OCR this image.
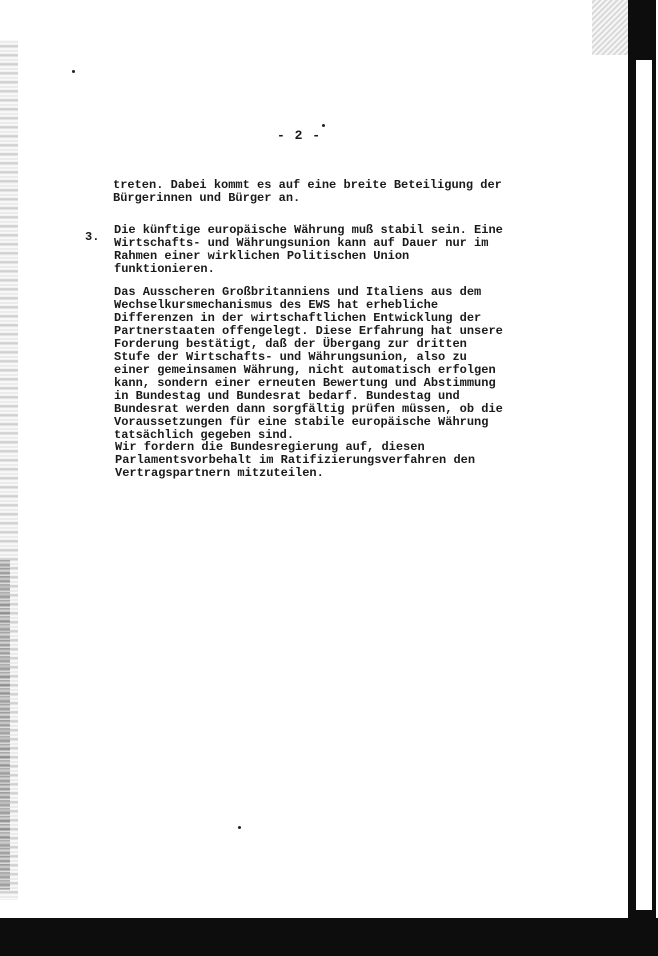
- 2 -

treten. Dabei kommt es auf eine breite Beteiligung der
Bürgerinnen und Bürger an.

3. Die künftige europäische Währung muß stabil sein. Eine
Wirtschafts- und Währungsunion kann auf Dauer nur im
Rahmen einer wirklichen Politischen Union
funktionieren.

Das Ausscheren Großbritanniens und Italiens aus dem
Wechselkursmechanismus des EWS hat erhebliche
Differenzen in der wirtschaftlichen Entwicklung der
Partnerstaaten offengelegt. Diese Erfahrung hat unsere
Forderung bestätigt, daß der Übergang zur dritten
Stufe der Wirtschafts- und Währungsunion, also zu
einer gemeinsamen Währung, nicht automatisch erfolgen
kann, sondern einer erneuten Bewertung und Abstimmung
in Bundestag und Bundesrat bedarf. Bundestag und
Bundesrat werden dann sorgfältig prüfen müssen, ob die
Voraussetzungen für eine stabile europäische Währung
tatsächlich gegeben sind.

Wir fordern die Bundesregierung auf, diesen
Parlamentsvorbehalt im Ratifizierungsverfahren den
Vertragspartnern mitzuteilen.
